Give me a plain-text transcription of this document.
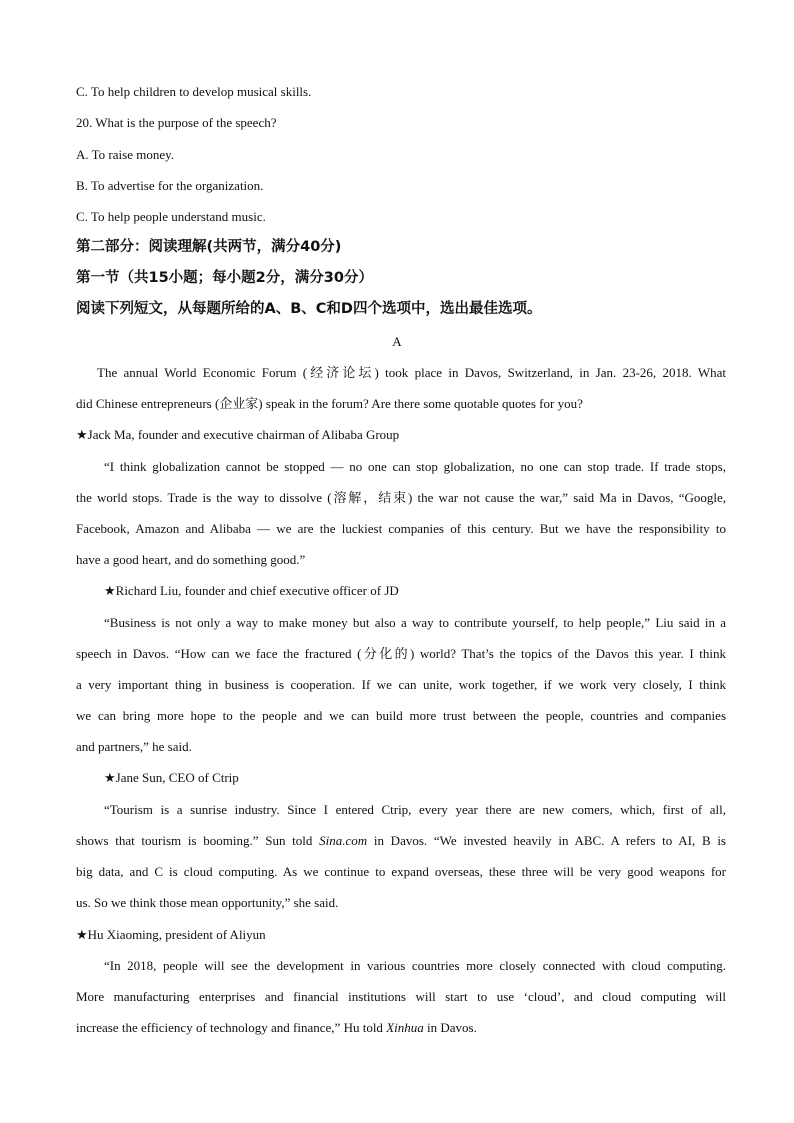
C. To help children to develop musical skills.
20. What is the purpose of the speech?
A. To raise money.
B. To advertise for the organization.
C. To help people understand music.
第二部分：阅读理解(共两节，满分40分)
第一节（共15小题；每小题2分，满分30分）
阅读下列短文，从每题所给的A、B、C和D四个选项中，选出最佳选项。
A
The annual World Economic Forum (经济论坛) took place in Davos, Switzerland, in Jan. 23-26, 2018. What
did Chinese entrepreneurs (企业家) speak in the forum? Are there some quotable quotes for you?
★Jack Ma, founder and executive chairman of Alibaba Group
“I think globalization cannot be stopped — no one can stop globalization, no one can stop trade. If trade stops,
the world stops. Trade is the way to dissolve (溶解，结束) the war not cause the war,” said Ma in Davos, “Google,
Facebook, Amazon and Alibaba — we are the luckiest companies of this century. But we have the responsibility to
have a good heart, and do something good.”
★Richard Liu, founder and chief executive officer of JD
“Business is not only a way to make money but also a way to contribute yourself, to help people,” Liu said in a
speech in Davos. “How can we face the fractured (分化的) world? That’s the topics of the Davos this year. I think
a very important thing in business is cooperation. If we can unite, work together, if we work very closely, I think
we can bring more hope to the people and we can build more trust between the people, countries and companies
and partners,” he said.
★Jane Sun, CEO of Ctrip
“Tourism is a sunrise industry. Since I entered Ctrip, every year there are new comers, which, first of all,
shows that tourism is booming.” Sun told Sina.com in Davos. “We invested heavily in ABC. A refers to AI, B is
big data, and C is cloud computing. As we continue to expand overseas, these three will be very good weapons for
us. So we think those mean opportunity,” she said.
★Hu Xiaoming, president of Aliyun
“In 2018, people will see the development in various countries more closely connected with cloud computing.
More manufacturing enterprises and financial institutions will start to use ‘cloud’, and cloud computing will
increase the efficiency of technology and finance,” Hu told Xinhua in Davos.
